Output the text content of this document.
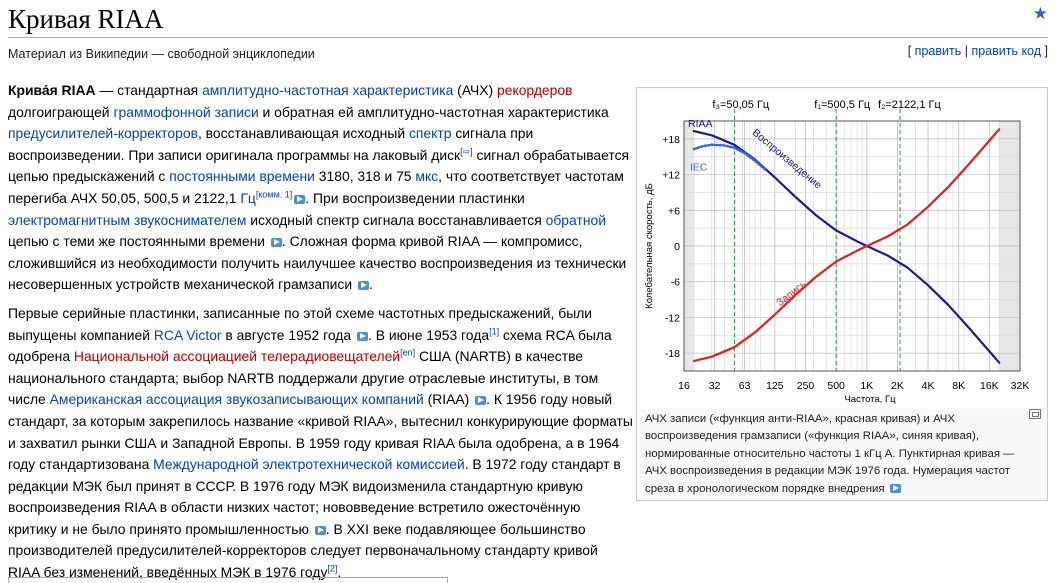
Кривая RIAA	★
Материал из Википедии — свободной энциклопедии	[ править | править код ]

Крива́я RIAA — стандартная амплитудно-частотная характеристика (АЧХ) рекордеров долгоиграющей граммофонной записи и обратная ей амплитудно-частотная характеристика предусилителей-корректоров, восстанавливающая исходный спектр сигнала при воспроизведении. При записи оригинала программы на лаковый диск[⇨] сигнал обрабатывается цепью предыскажений с постоянными времени 3180, 318 и 75 мкс, что соответствует частотам перегиба АЧХ 50,05, 500,5 и 2122,1 Гц[комм. 1] . При воспроизведении пластинки электромагнитным звукоснимателем исходный спектр сигнала восстанавливается обратной цепью с теми же постоянными времени . Сложная форма кривой RIAA — компромисс, сложившийся из необходимости получить наилучшее качество воспроизведения из технически несовершенных устройств механической грамзаписи .

Первые серийные пластинки, записанные по этой схеме частотных предыскажений, были выпущены компанией RCA Victor в августе 1952 года . В июне 1953 года[1] схема RCA была одобрена Национальной ассоциацией телерадиовещателей[en] США (NARTB) в качестве национального стандарта; выбор NARTB поддержали другие отраслевые институты, в том числе Американская ассоциация звукозаписывающих компаний (RIAA) . К 1956 году новый стандарт, за которым закрепилось название «кривой RIAA», вытеснил конкурирующие форматы и захватил рынки США и Западной Европы. В 1959 году кривая RIAA была одобрена, а в 1964 году стандартизована Международной электротехнической комиссией. В 1972 году стандарт в редакции МЭК был принят в СССР. В 1976 году МЭК видоизменила стандартную кривую воспроизведения RIAA в области низких частот; нововведение встретило ожесточённую критику и не было принято промышленностью . В XXI веке подавляющее большинство производителей предусилителей-корректоров следует первоначальному стандарту кривой RIAA без изменений, введённых МЭК в 1976 году[2].

f₃=50,05 Гц	f₁=500,5 Гц f₂=2122,1 Гц
+18
+12
+6
0
-6
-12
-18
16 32 63 125 250 500 1K 2K 4K 8K 16K 32K
Частота, Гц
Колебательная скорость, дБ
RIAA
IEC	Воспроизведение
Запись
АЧХ записи («функция анти-RIAA», красная кривая) и АЧХ воспроизведения грамзаписи («функция RIAA», синяя кривая), нормированные относительно частоты 1 кГц А. Пунктирная кривая — АЧХ воспроизведения в редакции МЭК 1976 года. Нумерация частот среза в хронологическом порядке внедрения
